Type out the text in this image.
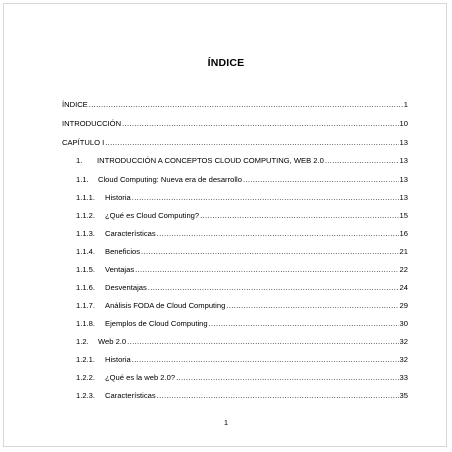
ÍNDICE
ÍNDICE .....	1
INTRODUCCIÓN .....	10
CAPÍTULO I .....	13
1.	INTRODUCCIÓN A CONCEPTOS CLOUD COMPUTING, WEB 2.0 .....	13
1.1.	Cloud Computing: Nueva era de desarrollo .....	13
1.1.1.	Historia .....	13
1.1.2.	¿Qué es Cloud Computing? .....	15
1.1.3.	Características .....	16
1.1.4.	Beneficios .....	21
1.1.5.	Ventajas .....	22
1.1.6.	Desventajas .....	24
1.1.7.	Análisis FODA de Cloud Computing .....	29
1.1.8.	Ejemplos de Cloud Computing .....	30
1.2.	Web 2.0 .....	32
1.2.1.	Historia .....	32
1.2.2.	¿Qué es la web 2.0? .....	33
1.2.3.	Características .....	35
1
